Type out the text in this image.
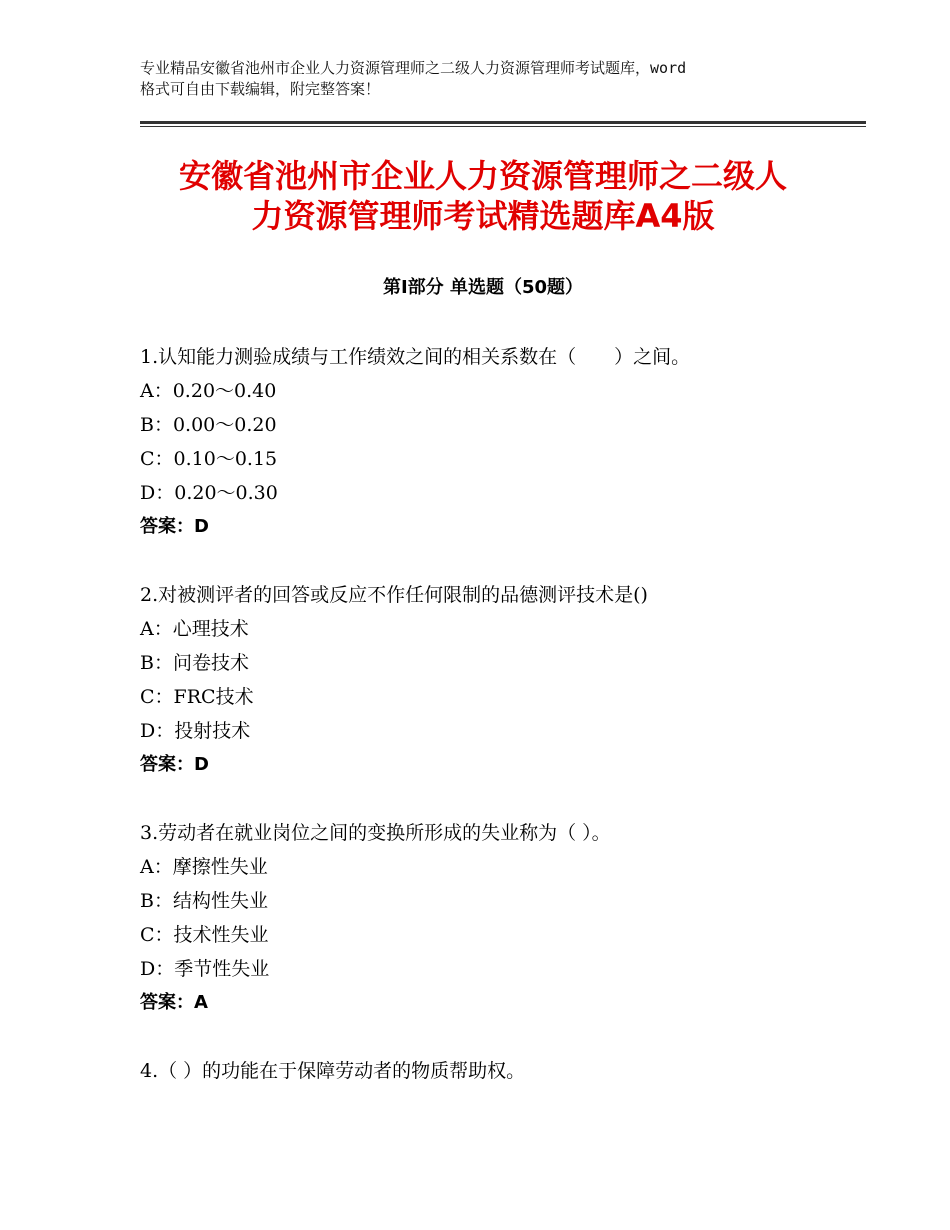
专业精品安徽省池州市企业人力资源管理师之二级人力资源管理师考试题库，word
格式可自由下载编辑，附完整答案！
安徽省池州市企业人力资源管理师之二级人
力资源管理师考试精选题库A4版
第Ⅰ部分 单选题（50题）
1.认知能力测验成绩与工作绩效之间的相关系数在（　　）之间。
A：0.20～0.40
B：0.00～0.20
C：0.10～0.15
D：0.20～0.30
答案：D
2.对被测评者的回答或反应不作任何限制的品德测评技术是()
A：心理技术
B：问卷技术
C：FRC技术
D：投射技术
答案：D
3.劳动者在就业岗位之间的变换所形成的失业称为（ ）。
A：摩擦性失业
B：结构性失业
C：技术性失业
D：季节性失业
答案：A
4.（ ）的功能在于保障劳动者的物质帮助权。
